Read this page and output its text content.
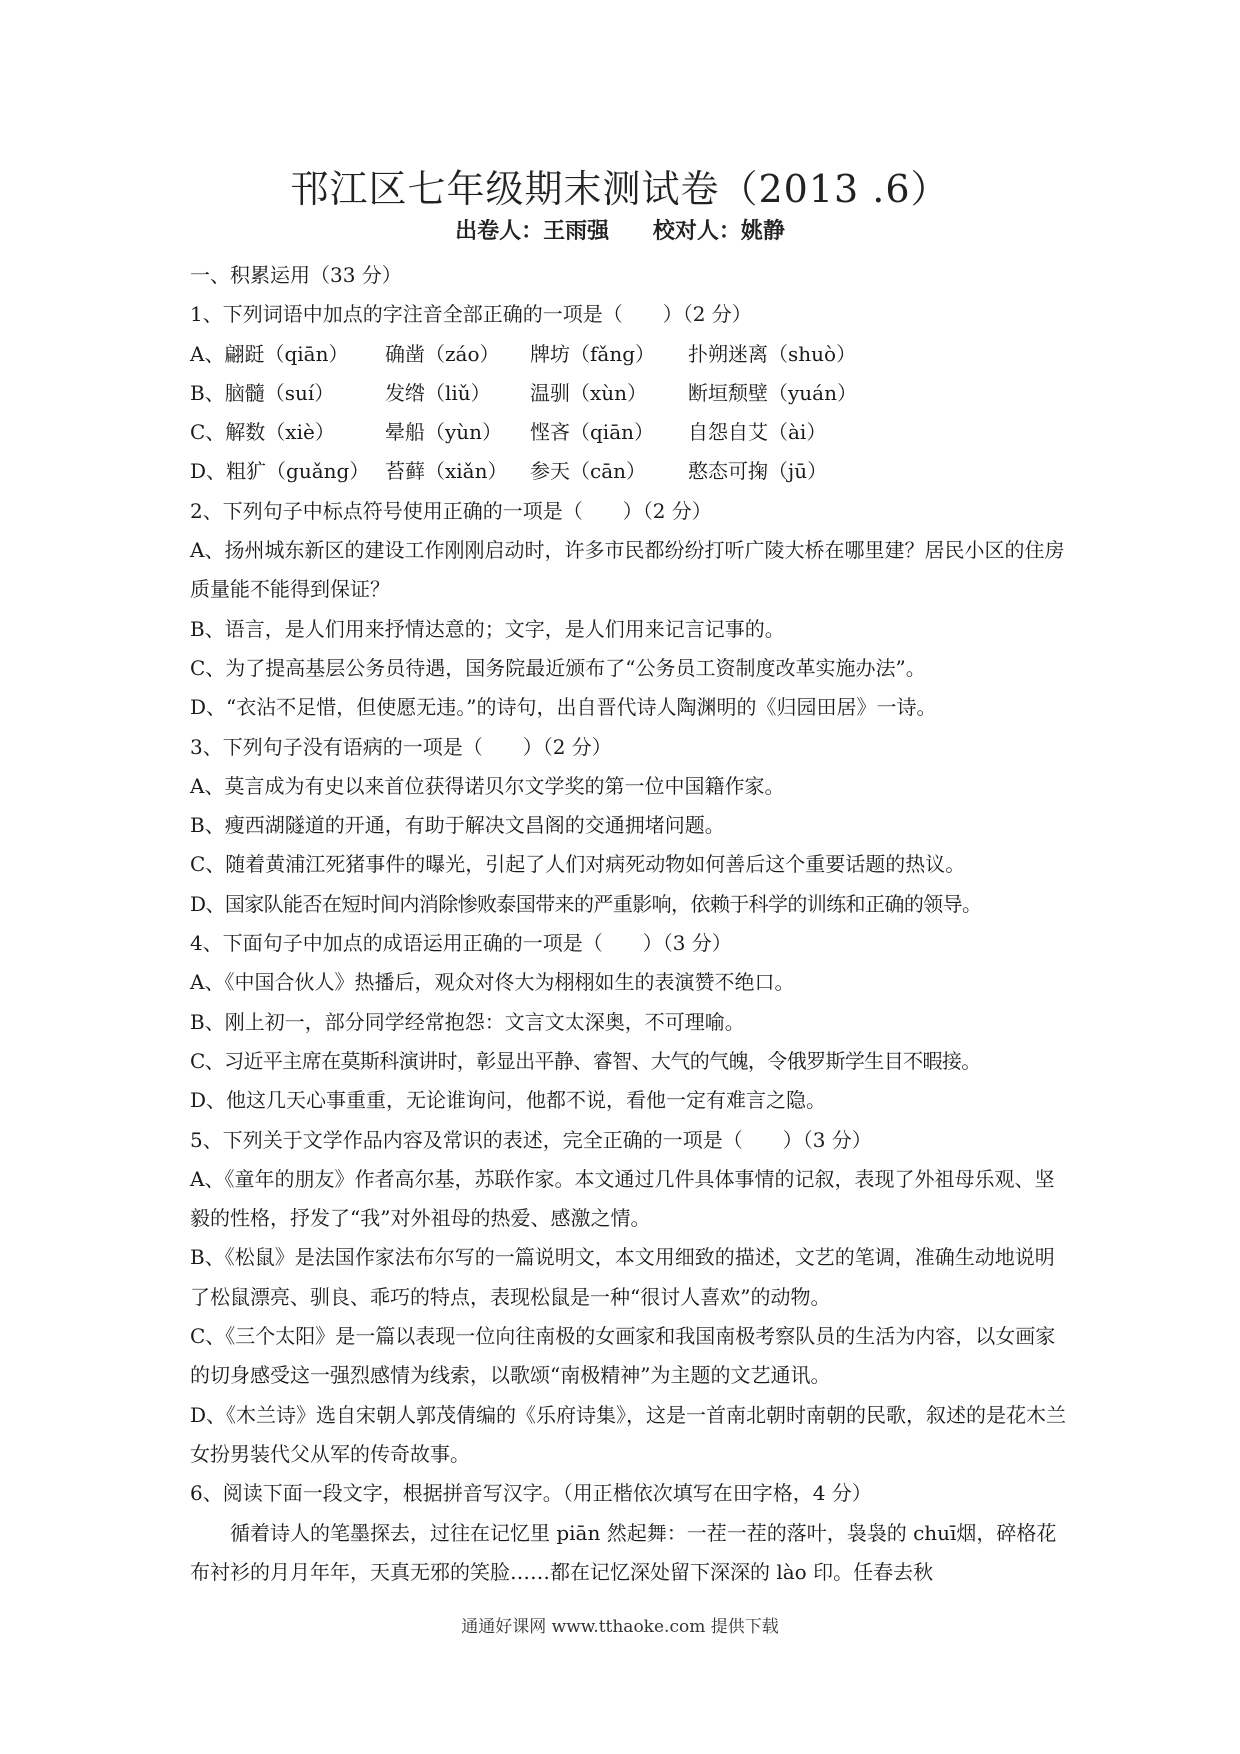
邗江区七年级期末测试卷（2013 .6）
出卷人：王雨强 校对人：姚静
一、积累运用（33 分）
1、下列词语中加点的字注音全部正确的一项是（　　）（2 分）
A、翩跹（qiān）	确凿（záo）	牌坊（fǎng）	扑朔迷离（shuò）
B、脑髓（suí）	发绺（liǔ）	温驯（xùn）	断垣颓壁（yuán）
C、解数（xiè）	晕船（yùn）	悭吝（qiān）	自怨自艾（ài）
D、粗犷（guǎng） 苔藓（xiǎn）	参天（cān）	憨态可掬（jū）
2、下列句子中标点符号使用正确的一项是（　　）（2 分）
A、扬州城东新区的建设工作刚刚启动时，许多市民都纷纷打听广陵大桥在哪里建？居民小区的住房质量能不能得到保证？
B、语言，是人们用来抒情达意的；文字，是人们用来记言记事的。
C、为了提高基层公务员待遇，国务院最近颁布了“公务员工资制度改革实施办法”。
D、“衣沾不足惜，但使愿无违。”的诗句，出自晋代诗人陶渊明的《归园田居》一诗。
3、下列句子没有语病的一项是（　　）（2 分）
A、莫言成为有史以来首位获得诺贝尔文学奖的第一位中国籍作家。
B、瘦西湖隧道的开通，有助于解决文昌阁的交通拥堵问题。
C、随着黄浦江死猪事件的曝光，引起了人们对病死动物如何善后这个重要话题的热议。
D、国家队能否在短时间内消除惨败泰国带来的严重影响，依赖于科学的训练和正确的领导。
4、下面句子中加点的成语运用正确的一项是（　　）（3 分）
A、《中国合伙人》热播后，观众对佟大为栩栩如生的表演赞不绝口。
B、刚上初一，部分同学经常抱怨：文言文太深奥，不可理喻。
C、习近平主席在莫斯科演讲时，彰显出平静、睿智、大气的气魄，令俄罗斯学生目不暇接。
D、他这几天心事重重，无论谁询问，他都不说，看他一定有难言之隐。
5、下列关于文学作品内容及常识的表述，完全正确的一项是（　　）（3 分）
A、《童年的朋友》作者高尔基，苏联作家。本文通过几件具体事情的记叙，表现了外祖母乐观、坚毅的性格，抒发了“我”对外祖母的热爱、感激之情。
B、《松鼠》是法国作家法布尔写的一篇说明文，本文用细致的描述，文艺的笔调，准确生动地说明了松鼠漂亮、驯良、乖巧的特点，表现松鼠是一种“很讨人喜欢”的动物。
C、《三个太阳》是一篇以表现一位向往南极的女画家和我国南极考察队员的生活为内容，以女画家的切身感受这一强烈感情为线索，以歌颂“南极精神”为主题的文艺通讯。
D、《木兰诗》选自宋朝人郭茂倩编的《乐府诗集》，这是一首南北朝时南朝的民歌，叙述的是花木兰女扮男装代父从军的传奇故事。
6、阅读下面一段文字，根据拼音写汉字。（用正楷依次填写在田字格，4 分）
循着诗人的笔墨探去，过往在记忆里 piān 然起舞：一茬一茬的落叶，袅袅的 chuī烟，碎格花布衬衫的月月年年，天真无邪的笑脸……都在记忆深处留下深深的 lào 印。任春去秋
通通好课网 www.tthaoke.com 提供下载
